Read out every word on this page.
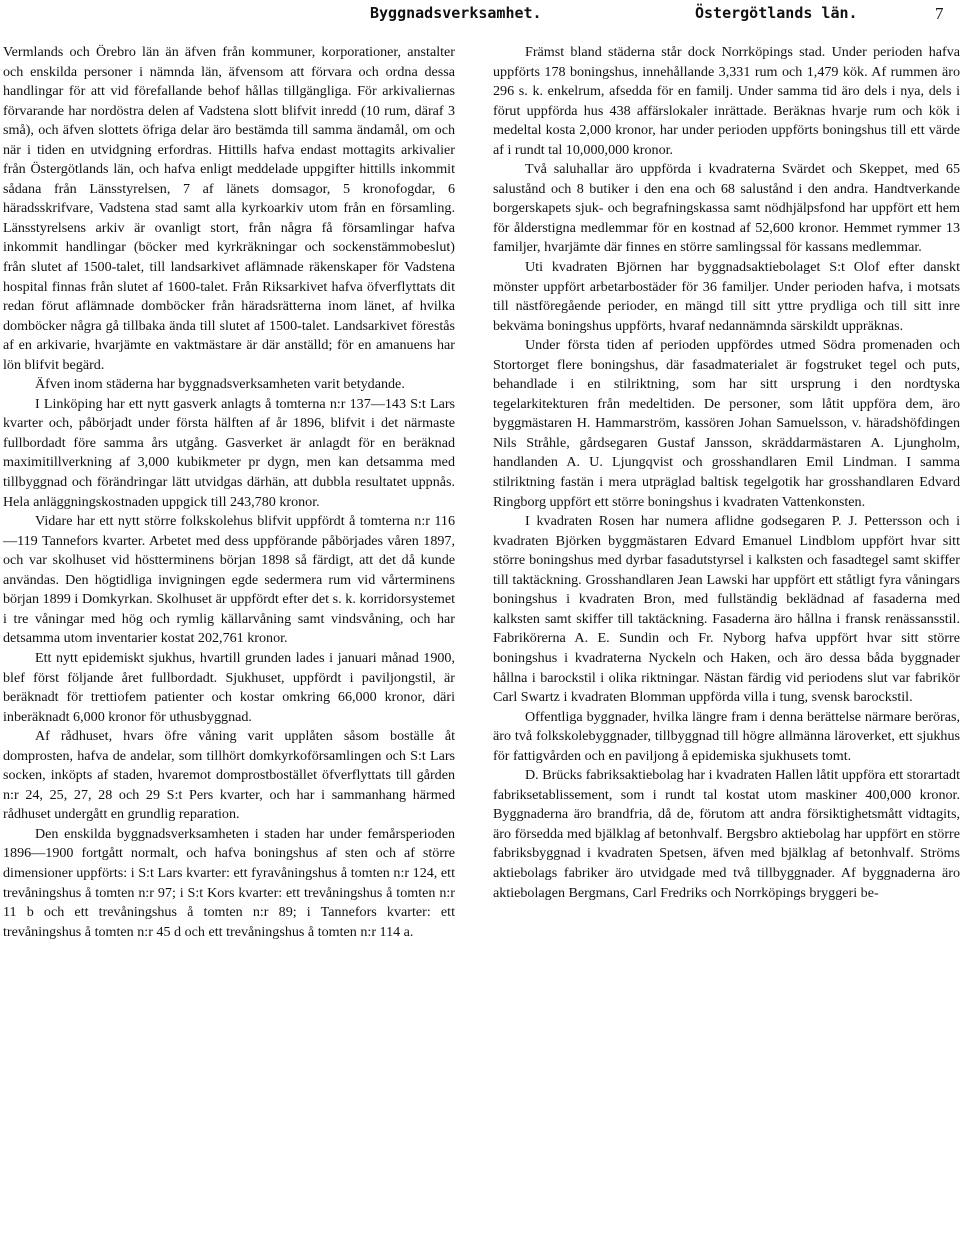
Byggnadsverksamhet.	Östergötlands län.	7

Vermlands och Örebro län än äfven från kommuner, korporationer, anstalter och enskilda personer i nämnda län, äfvensom att förvara och ordna dessa handlingar för att vid förefallande behof hållas tillgängliga. För arkivaliernas förvarande har nordöstra delen af Vadstena slott blifvit inredd (10 rum, däraf 3 små), och äfven slottets öfriga delar äro bestämda till samma ändamål, om och när i tiden en utvidgning erfordras. Hittills hafva endast mottagits arkivalier från Östergötlands län, och hafva enligt meddelade uppgifter hittills inkommit sådana från Länsstyrelsen, 7 af länets domsagor, 5 kronofogdar, 6 häradsskrifvare, Vadstena stad samt alla kyrkoarkiv utom från en församling. Länsstyrelsens arkiv är ovanligt stort, från några få församlingar hafva inkommit handlingar (böcker med kyrkräkningar och sockenstämmobeslut) från slutet af 1500-talet, till landsarkivet aflämnade räkenskaper för Vadstena hospital finnas från slutet af 1600-talet. Från Riksarkivet hafva öfverflyttats dit redan förut aflämnade domböcker från häradsrätterna inom länet, af hvilka domböcker några gå tillbaka ända till slutet af 1500-talet. Landsarkivet förestås af en arkivarie, hvarjämte en vaktmästare är där anställd; för en amanuens har lön blifvit begärd.

Äfven inom städerna har byggnadsverksamheten varit betydande.

I Linköping har ett nytt gasverk anlagts å tomterna n:r 137—143 S:t Lars kvarter och, påbörjadt under första hälften af år 1896, blifvit i det närmaste fullbordadt före samma års utgång. Gasverket är anlagdt för en beräknad maximitillverkning af 3,000 kubikmeter pr dygn, men kan detsamma med tillbyggnad och förändringar lätt utvidgas därhän, att dubbla resultatet uppnås. Hela anläggningskostnaden uppgick till 243,780 kronor.

Vidare har ett nytt större folkskolehus blifvit uppfördt å tomterna n:r 116—119 Tannefors kvarter. Arbetet med dess uppförande påbörjades våren 1897, och var skolhuset vid höstterminens början 1898 så färdigt, att det då kunde användas. Den högtidliga invigningen egde sedermera rum vid vårterminens början 1899 i Domkyrkan. Skolhuset är uppfördt efter det s. k. korridorsystemet i tre våningar med hög och rymlig källarvåning samt vindsvåning, och har detsamma utom inventarier kostat 202,761 kronor.

Ett nytt epidemiskt sjukhus, hvartill grunden lades i januari månad 1900, blef först följande året fullbordadt. Sjukhuset, uppfördt i paviljongstil, är beräknadt för trettiofem patienter och kostar omkring 66,000 kronor, däri inberäknadt 6,000 kronor för uthusbyggnad.

Af rådhuset, hvars öfre våning varit upplåten såsom boställe åt domprosten, hafva de andelar, som tillhört domkyrkoförsamlingen och S:t Lars socken, inköpts af staden, hvaremot domprostbostället öfverflyttats till gården n:r 24, 25, 27, 28 och 29 S:t Pers kvarter, och har i sammanhang härmed rådhuset undergått en grundlig reparation.

Den enskilda byggnadsverksamheten i staden har under femårsperioden 1896—1900 fortgått normalt, och hafva boningshus af sten och af större dimensioner uppförts: i S:t Lars kvarter: ett fyravåningshus å tomten n:r 124, ett trevåningshus å tomten n:r 97; i S:t Kors kvarter: ett trevåningshus å tomten n:r 11 b och ett trevåningshus å tomten n:r 89; i Tannefors kvarter: ett trevåningshus å tomten n:r 45 d och ett trevåningshus å tomten n:r 114 a.

Främst bland städerna står dock Norrköpings stad. Under perioden hafva uppförts 178 boningshus, innehållande 3,331 rum och 1,479 kök. Af rummen äro 296 s. k. enkelrum, afsedda för en familj. Under samma tid äro dels i nya, dels i förut uppförda hus 438 affärslokaler inrättade. Beräknas hvarje rum och kök i medeltal kosta 2,000 kronor, har under perioden uppförts boningshus till ett värde af i rundt tal 10,000,000 kronor.

Två saluhallar äro uppförda i kvadraterna Svärdet och Skeppet, med 65 salustånd och 8 butiker i den ena och 68 salustånd i den andra. Handtverkande borgerskapets sjuk- och begrafningskassa samt nödhjälpsfond har uppfört ett hem för ålderstigna medlemmar för en kostnad af 52,600 kronor. Hemmet rymmer 13 familjer, hvarjämte där finnes en större samlingssal för kassans medlemmar.

Uti kvadraten Björnen har byggnadsaktiebolaget S:t Olof efter danskt mönster uppfört arbetarbostäder för 36 familjer. Under perioden hafva, i motsats till nästföregående perioder, en mängd till sitt yttre prydliga och till sitt inre bekväma boningshus uppförts, hvaraf nedannämnda särskildt uppräknas.

Under första tiden af perioden uppfördes utmed Södra promenaden och Stortorget flere boningshus, där fasadmaterialet är fogstruket tegel och puts, behandlade i en stilriktning, som har sitt ursprung i den nordtyska tegelarkitekturen från medeltiden. De personer, som låtit uppföra dem, äro byggmästaren H. Hammarström, kassören Johan Samuelsson, v. häradshöfdingen Nils Stråhle, gårdsegaren Gustaf Jansson, skräddarmästaren A. Ljungholm, handlanden A. U. Ljungqvist och grosshandlaren Emil Lindman. I samma stilriktning fastän i mera utpräglad baltisk tegelgotik har grosshandlaren Edvard Ringborg uppfört ett större boningshus i kvadraten Vattenkonsten.

I kvadraten Rosen har numera aflidne godsegaren P. J. Pettersson och i kvadraten Björken byggmästaren Edvard Emanuel Lindblom uppfört hvar sitt större boningshus med dyrbar fasadutstyrsel i kalksten och fasadtegel samt skiffer till taktäckning. Grosshandlaren Jean Lawski har uppfört ett ståtligt fyra våningars boningshus i kvadraten Bron, med fullständig beklädnad af fasaderna med kalksten samt skiffer till taktäckning. Fasaderna äro hållna i fransk renässansstil. Fabrikörerna A. E. Sundin och Fr. Nyborg hafva uppfört hvar sitt större boningshus i kvadraterna Nyckeln och Haken, och äro dessa båda byggnader hållna i barockstil i olika riktningar. Nästan färdig vid periodens slut var fabrikör Carl Swartz i kvadraten Blomman uppförda villa i tung, svensk barockstil.

Offentliga byggnader, hvilka längre fram i denna berättelse närmare beröras, äro två folkskolebyggnader, tillbyggnad till högre allmänna läroverket, ett sjukhus för fattigvården och en paviljong å epidemiska sjukhusets tomt.

D. Brücks fabriksaktiebolag har i kvadraten Hallen låtit uppföra ett storartadt fabriksetablissement, som i rundt tal kostat utom maskiner 400,000 kronor. Byggnaderna äro brandfria, då de, förutom att andra försiktighetsmått vidtagits, äro försedda med bjälklag af betonhvalf. Bergsbro aktiebolag har uppfört en större fabriksbyggnad i kvadraten Spetsen, äfven med bjälklag af betonhvalf. Ströms aktiebolags fabriker äro utvidgade med två tillbyggnader. Af byggnaderna äro aktiebolagen Bergmans, Carl Fredriks och Norrköpings bryggeri be-
